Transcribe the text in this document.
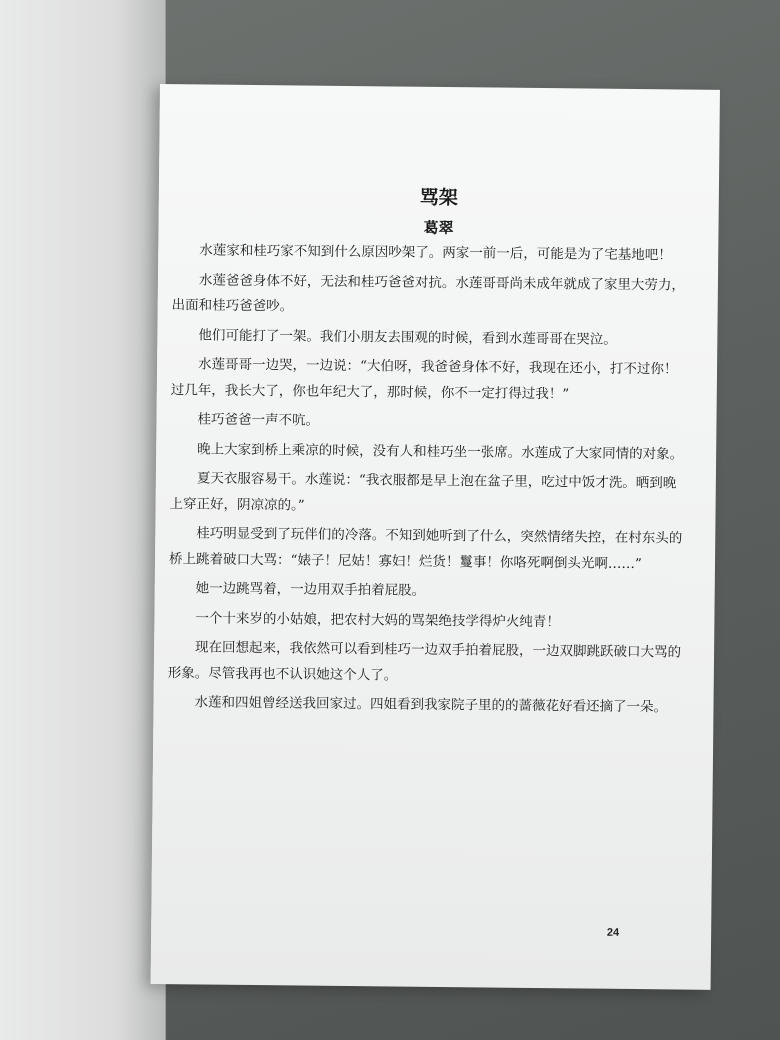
骂架
葛翠

水莲家和桂巧家不知到什么原因吵架了。两家一前一后，可能是为了宅基地吧！

水莲爸爸身体不好，无法和桂巧爸爸对抗。水莲哥哥尚未成年就成了家里大劳力，出面和桂巧爸爸吵。

他们可能打了一架。我们小朋友去围观的时候，看到水莲哥哥在哭泣。

水莲哥哥一边哭，一边说：“大伯呀，我爸爸身体不好，我现在还小，打不过你！过几年，我长大了，你也年纪大了，那时候，你不一定打得过我！”

桂巧爸爸一声不吭。

晚上大家到桥上乘凉的时候，没有人和桂巧坐一张席。水莲成了大家同情的对象。

夏天衣服容易干。水莲说：“我衣服都是早上泡在盆子里，吃过中饭才洗。晒到晚上穿正好，阴凉凉的。”

桂巧明显受到了玩伴们的冷落。不知到她听到了什么，突然情绪失控，在村东头的桥上跳着破口大骂：“婊子！尼姑！寡妇！烂货！鬘事！你咯死啊倒头光啊……”

她一边跳骂着，一边用双手拍着屁股。

一个十来岁的小姑娘，把农村大妈的骂架绝技学得炉火纯青！

现在回想起来，我依然可以看到桂巧一边双手拍着屁股，一边双脚跳跃破口大骂的形象。尽管我再也不认识她这个人了。

水莲和四姐曾经送我回家过。四姐看到我家院子里的的蔷薇花好看还摘了一朵。

24
